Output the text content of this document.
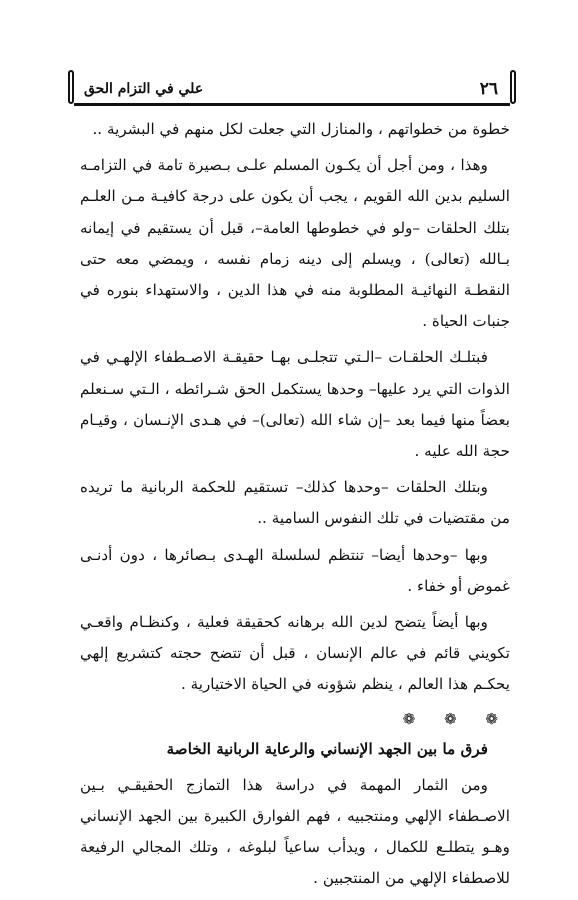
٢٦
علي في التزام الحق

خطوة من خطواتهم ، والمنازل التي جعلت لكل منهم في البشرية ..

وهذا ، ومن أجل أن يكـون المسلم علـى بـصيرة تامة في التزامـه السليم بدين الله القويم ، يجب أن يكون على درجة كافيـة مـن العلـم بتلك الحلقات –ولو في خطوطها العامة–، قبل أن يستقيم في إيمانه بـالله (تعالى) ، ويسلم إلى دينه زمام نفسه ، ويمضي معه حتى النقطـة النهائيـة المطلوبة منه في هذا الدين ، والاستهداء بنوره في جنبات الحياة .

فبتلـك الحلقـات –الـتي تتجلـى بهـا حقيقـة الاصـطفاء الإلهـي في الذوات التي يرد عليها– وحدها يستكمل الحق شـرائطه ، الـتي سـنعلم بعضاً منها فيما بعد –إن شاء الله (تعالى)– في هـدى الإنـسان ، وقيـام حجة الله عليه .

وبتلك الحلقات –وحدها كذلك– تستقيم للحكمة الربانية ما تريده من مقتضيات في تلك النفوس السامية ..

وبها –وحدها أيضا– تنتظم لسلسلة الهـدى بـصائرها ، دون أدنـى غموض أو خفاء .

وبها أيضاً يتضح لدين الله برهانه كحقيقة فعلية ، وكنظـام واقعـي تكويني قائم في عالم الإنسان ، قبل أن تتضح حجته كتشريع إلهي يحكـم هذا العالم ، ينظم شؤونه في الحياة الاختيارية .

❁ ❁ ❁

فرق ما بين الجهد الإنساني والرعاية الربانية الخاصة

ومن الثمار المهمة في دراسة هذا التمازج الحقيقـي بـين الاصـطفاء الإلهي ومنتجبيه ، فهم الفوارق الكبيرة بين الجهد الإنساني وهـو يتطلـع للكمال ، ويدأب ساعياً لبلوغه ، وتلك المجالي الرفيعة للاصطفاء الإلهي من المنتجبين .
